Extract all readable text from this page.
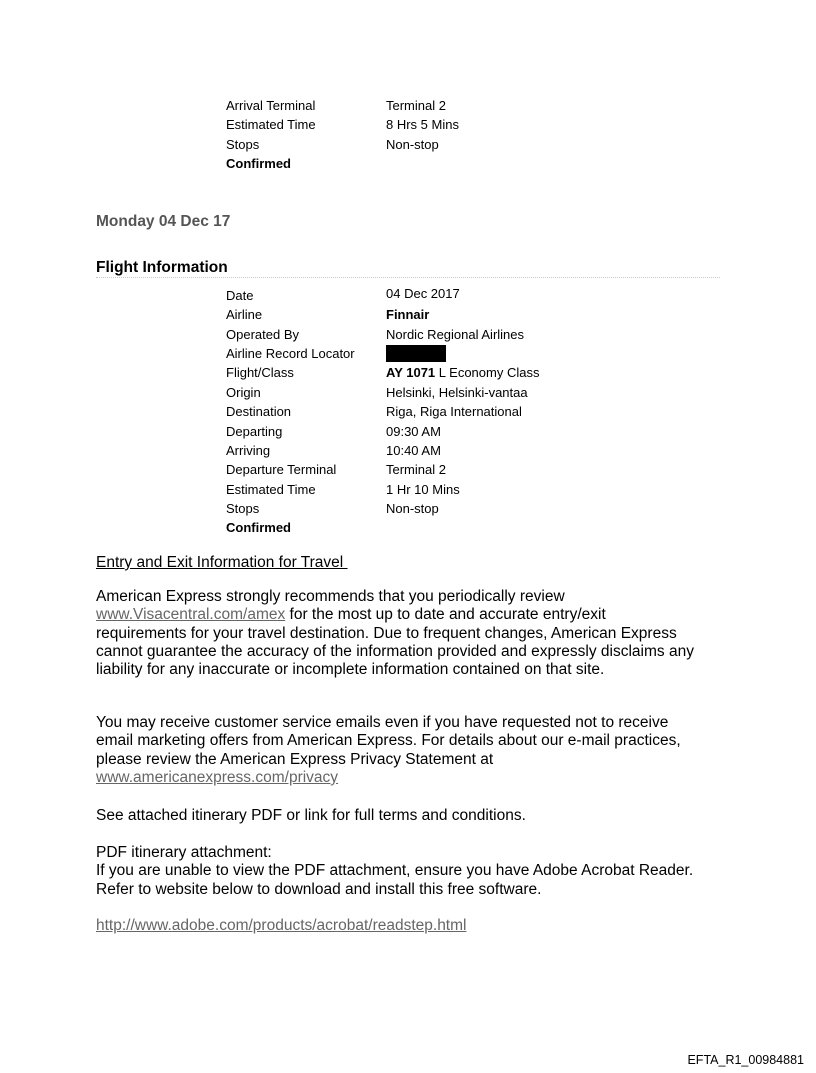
Arrival Terminal	Terminal 2
Estimated Time	8 Hrs 5 Mins
Stops	Non-stop
Confirmed
Monday 04 Dec 17
Flight Information
Date	04 Dec 2017
Airline	Finnair
Operated By	Nordic Regional Airlines
Airline Record Locator
Flight/Class	AY 1071 L Economy Class
Origin	Helsinki, Helsinki-vantaa
Destination	Riga, Riga International
Departing	09:30 AM
Arriving	10:40 AM
Departure Terminal	Terminal 2
Estimated Time	1 Hr 10 Mins
Stops	Non-stop
Confirmed
Entry and Exit Information for Travel
American Express strongly recommends that you periodically review
www.Visacentral.com/amex for the most up to date and accurate entry/exit
requirements for your travel destination. Due to frequent changes, American Express
cannot guarantee the accuracy of the information provided and expressly disclaims any
liability for any inaccurate or incomplete information contained on that site.
You may receive customer service emails even if you have requested not to receive
email marketing offers from American Express. For details about our e-mail practices,
please review the American Express Privacy Statement at
www.americanexpress.com/privacy
See attached itinerary PDF or link for full terms and conditions.
PDF itinerary attachment:
If you are unable to view the PDF attachment, ensure you have Adobe Acrobat Reader.
Refer to website below to download and install this free software.
http://www.adobe.com/products/acrobat/readstep.html
EFTA_R1_00984881
